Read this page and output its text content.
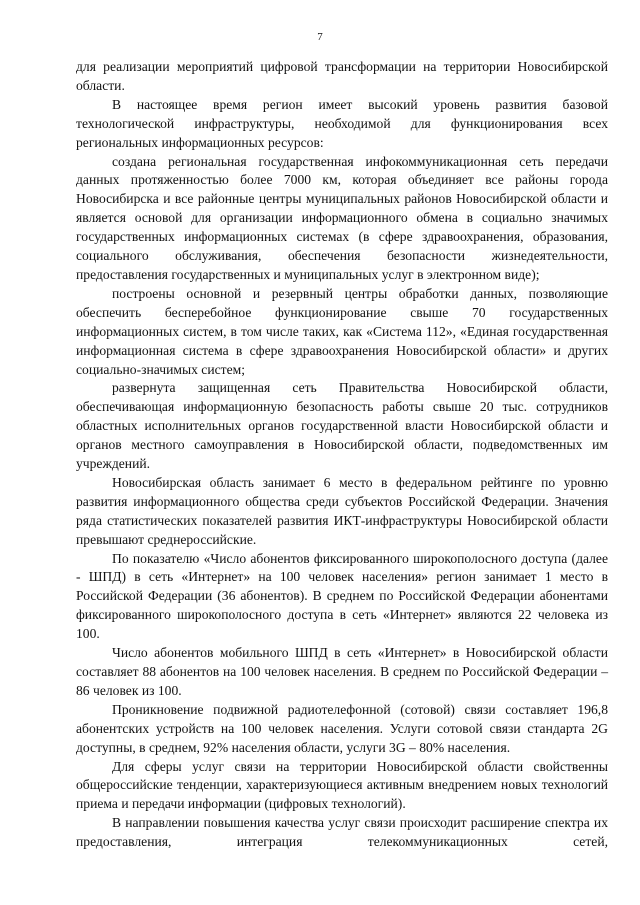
7

для реализации мероприятий цифровой трансформации на территории Новосибирской области.

В настоящее время регион имеет высокий уровень развития базовой технологической инфраструктуры, необходимой для функционирования всех региональных информационных ресурсов:

создана региональная государственная инфокоммуникационная сеть передачи данных протяженностью более 7000 км, которая объединяет все районы города Новосибирска и все районные центры муниципальных районов Новосибирской области и является основой для организации информационного обмена в социально значимых государственных информационных системах (в сфере здравоохранения, образования, социального обслуживания, обеспечения безопасности жизнедеятельности, предоставления государственных и муниципальных услуг в электронном виде);

построены основной и резервный центры обработки данных, позволяющие обеспечить бесперебойное функционирование свыше 70 государственных информационных систем, в том числе таких, как «Система 112», «Единая государственная информационная система в сфере здравоохранения Новосибирской области» и других социально-значимых систем;

развернута защищенная сеть Правительства Новосибирской области, обеспечивающая информационную безопасность работы свыше 20 тыс. сотрудников областных исполнительных органов государственной власти Новосибирской области и органов местного самоуправления в Новосибирской области, подведомственных им учреждений.

Новосибирская область занимает 6 место в федеральном рейтинге по уровню развития информационного общества среди субъектов Российской Федерации. Значения ряда статистических показателей развития ИКТ-инфраструктуры Новосибирской области превышают среднероссийские.

По показателю «Число абонентов фиксированного широкополосного доступа (далее - ШПД) в сеть «Интернет» на 100 человек населения» регион занимает 1 место в Российской Федерации (36 абонентов). В среднем по Российской Федерации абонентами фиксированного широкополосного доступа в сеть «Интернет» являются 22 человека из 100.

Число абонентов мобильного ШПД в сеть «Интернет» в Новосибирской области составляет 88 абонентов на 100 человек населения. В среднем по Российской Федерации – 86 человек из 100.

Проникновение подвижной радиотелефонной (сотовой) связи составляет 196,8 абонентских устройств на 100 человек населения. Услуги сотовой связи стандарта 2G доступны, в среднем, 92% населения области, услуги 3G – 80% населения.

Для сферы услуг связи на территории Новосибирской области свойственны общероссийские тенденции, характеризующиеся активным внедрением новых технологий приема и передачи информации (цифровых технологий).

В направлении повышения качества услуг связи происходит расширение спектра их предоставления, интеграция телекоммуникационных сетей,
